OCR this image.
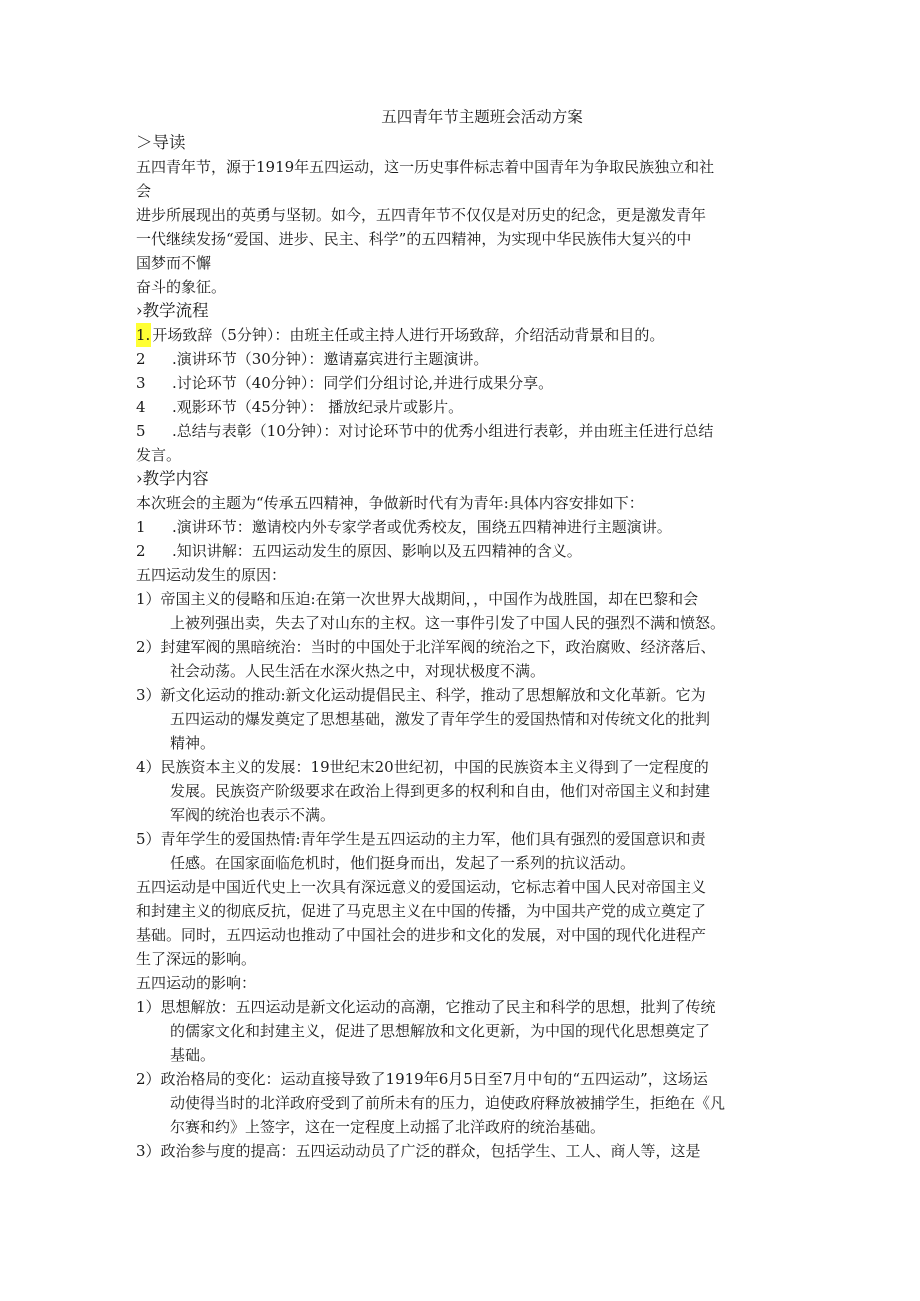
五四青年节主题班会活动方案
＞导读
五四青年节，源于1919年五四运动，这一历史事件标志着中国青年为争取民族独立和社
会
进步所展现出的英勇与坚韧。如今，五四青年节不仅仅是对历史的纪念，更是激发青年
一代继续发扬“爱国、进步、民主、科学”的五四精神，为实现中华民族伟大复兴的中
国梦而不懈
奋斗的象征。
›教学流程
1. 开场致辞（5分钟）：由班主任或主持人进行开场致辞，介绍活动背景和目的。
2 .演讲环节（30分钟）：邀请嘉宾进行主题演讲。
3 .讨论环节（40分钟）：同学们分组讨论,并进行成果分享。
4 .观影环节（45分钟）： 播放纪录片或影片。
5 .总结与表彰（10分钟）：对讨论环节中的优秀小组进行表彰，并由班主任进行总结
发言。
›教学内容
本次班会的主题为“传承五四精神，争做新时代有为青年:具体内容安排如下：
1 .演讲环节：邀请校内外专家学者或优秀校友，围绕五四精神进行主题演讲。
2 .知识讲解：五四运动发生的原因、影响以及五四精神的含义。
五四运动发生的原因：
1）帝国主义的侵略和压迫:在第一次世界大战期间，，中国作为战胜国，却在巴黎和会
上被列强出卖，失去了对山东的主权。这一事件引发了中国人民的强烈不满和愤怒。
2）封建军阀的黑暗统治：当时的中国处于北洋军阀的统治之下，政治腐败、经济落后、
社会动荡。人民生活在水深火热之中，对现状极度不满。
3）新文化运动的推动:新文化运动提倡民主、科学，推动了思想解放和文化革新。它为
五四运动的爆发奠定了思想基础，激发了青年学生的爱国热情和对传统文化的批判
精神。
4）民族资本主义的发展：19世纪末20世纪初，中国的民族资本主义得到了一定程度的
发展。民族资产阶级要求在政治上得到更多的权利和自由，他们对帝国主义和封建
军阀的统治也表示不满。
5）青年学生的爱国热情:青年学生是五四运动的主力军，他们具有强烈的爱国意识和责
任感。在国家面临危机时，他们挺身而出，发起了一系列的抗议活动。
五四运动是中国近代史上一次具有深远意义的爱国运动，它标志着中国人民对帝国主义
和封建主义的彻底反抗，促进了马克思主义在中国的传播，为中国共产党的成立奠定了
基础。同时，五四运动也推动了中国社会的进步和文化的发展，对中国的现代化进程产
生了深远的影响。
五四运动的影响：
1）思想解放：五四运动是新文化运动的高潮，它推动了民主和科学的思想，批判了传统
的儒家文化和封建主义，促进了思想解放和文化更新，为中国的现代化思想奠定了
基础。
2）政治格局的变化：运动直接导致了1919年6月5日至7月中旬的“五四运动”，这场运
动使得当时的北洋政府受到了前所未有的压力，迫使政府释放被捕学生，拒绝在《凡
尔赛和约》上签字，这在一定程度上动摇了北洋政府的统治基础。
3）政治参与度的提高：五四运动动员了广泛的群众，包括学生、工人、商人等，这是
